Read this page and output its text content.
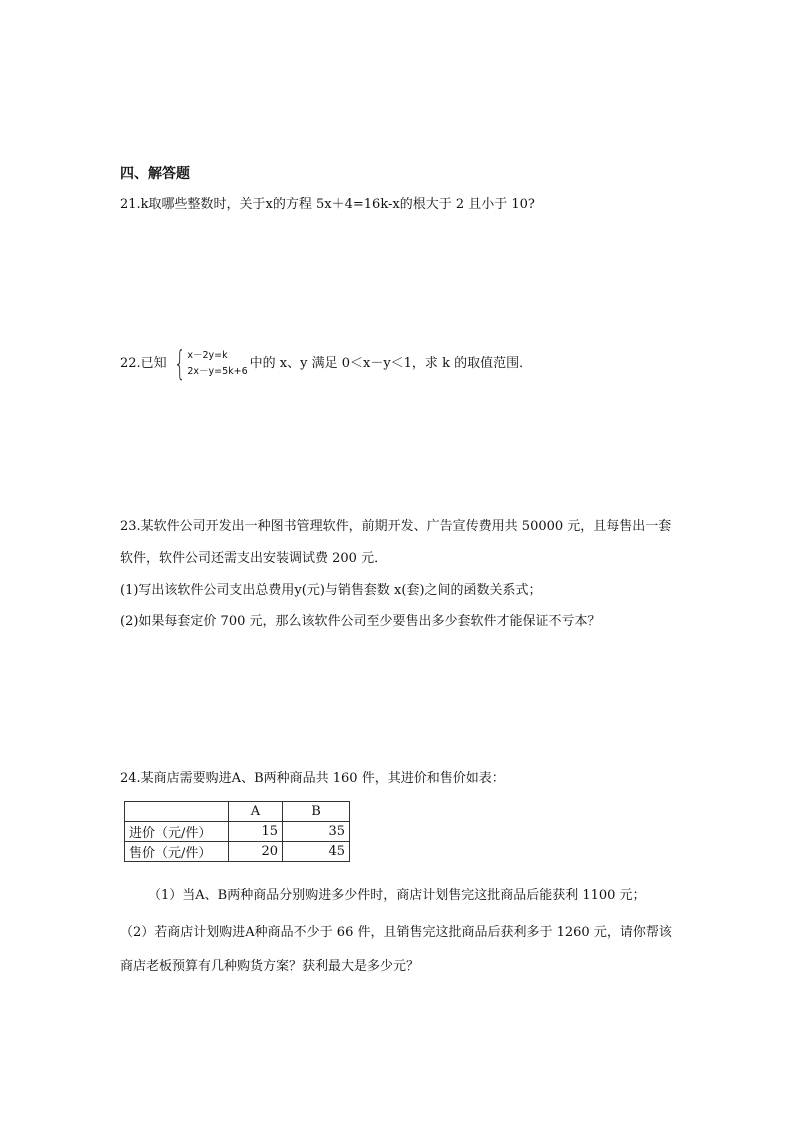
四、解答题
21.k取哪些整数时，关于x的方程 5x＋4=16k-x的根大于 2 且小于 10?
22.已知 { x－2y=k
2x－y=5k+6
中的 x、y 满足 0＜x－y＜1，求 k 的取值范围．
23.某软件公司开发出一种图书管理软件，前期开发、广告宣传费用共 50000 元，且每售出一套
软件，软件公司还需支出安装调试费 200 元．
(1)写出该软件公司支出总费用y(元)与销售套数 x(套)之间的函数关系式；
(2)如果每套定价 700 元，那么该软件公司至少要售出多少套软件才能保证不亏本？
24.某商店需要购进A、B两种商品共 160 件，其进价和售价如表：
	A	B
进价（元/件）	15	35
售价（元/件）	20	45
（1）当A、B两种商品分别购进多少件时，商店计划售完这批商品后能获利 1100 元；
（2）若商店计划购进A种商品不少于 66 件，且销售完这批商品后获利多于 1260 元，请你帮该
商店老板预算有几种购货方案？获利最大是多少元？
